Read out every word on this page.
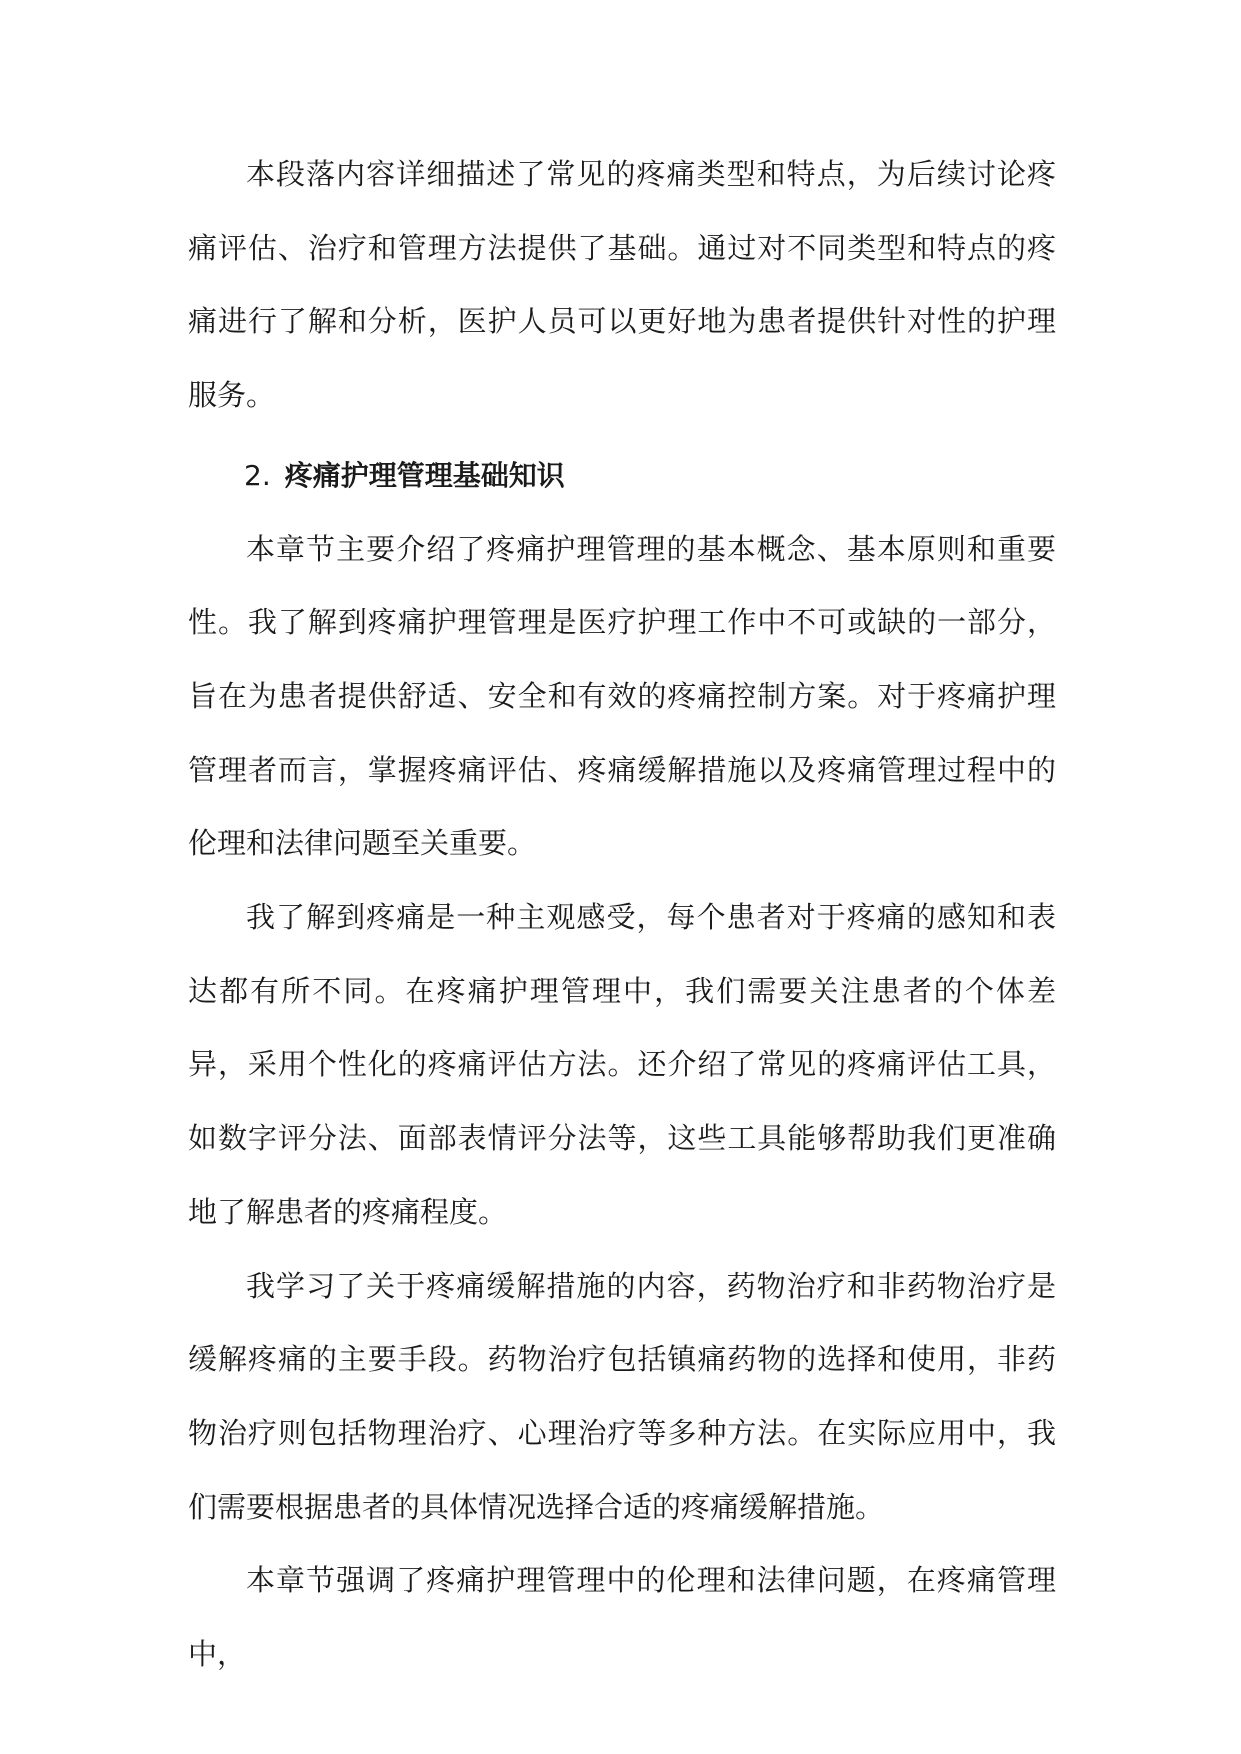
本段落内容详细描述了常见的疼痛类型和特点，为后续讨论疼痛评估、治疗和管理方法提供了基础。通过对不同类型和特点的疼痛进行了解和分析，医护人员可以更好地为患者提供针对性的护理服务。

2. 疼痛护理管理基础知识

本章节主要介绍了疼痛护理管理的基本概念、基本原则和重要性。我了解到疼痛护理管理是医疗护理工作中不可或缺的一部分，旨在为患者提供舒适、安全和有效的疼痛控制方案。对于疼痛护理管理者而言，掌握疼痛评估、疼痛缓解措施以及疼痛管理过程中的伦理和法律问题至关重要。

我了解到疼痛是一种主观感受，每个患者对于疼痛的感知和表达都有所不同。在疼痛护理管理中，我们需要关注患者的个体差异，采用个性化的疼痛评估方法。还介绍了常见的疼痛评估工具，如数字评分法、面部表情评分法等，这些工具能够帮助我们更准确地了解患者的疼痛程度。

我学习了关于疼痛缓解措施的内容，药物治疗和非药物治疗是缓解疼痛的主要手段。药物治疗包括镇痛药物的选择和使用，非药物治疗则包括物理治疗、心理治疗等多种方法。在实际应用中，我们需要根据患者的具体情况选择合适的疼痛缓解措施。

本章节强调了疼痛护理管理中的伦理和法律问题，在疼痛管理中，
